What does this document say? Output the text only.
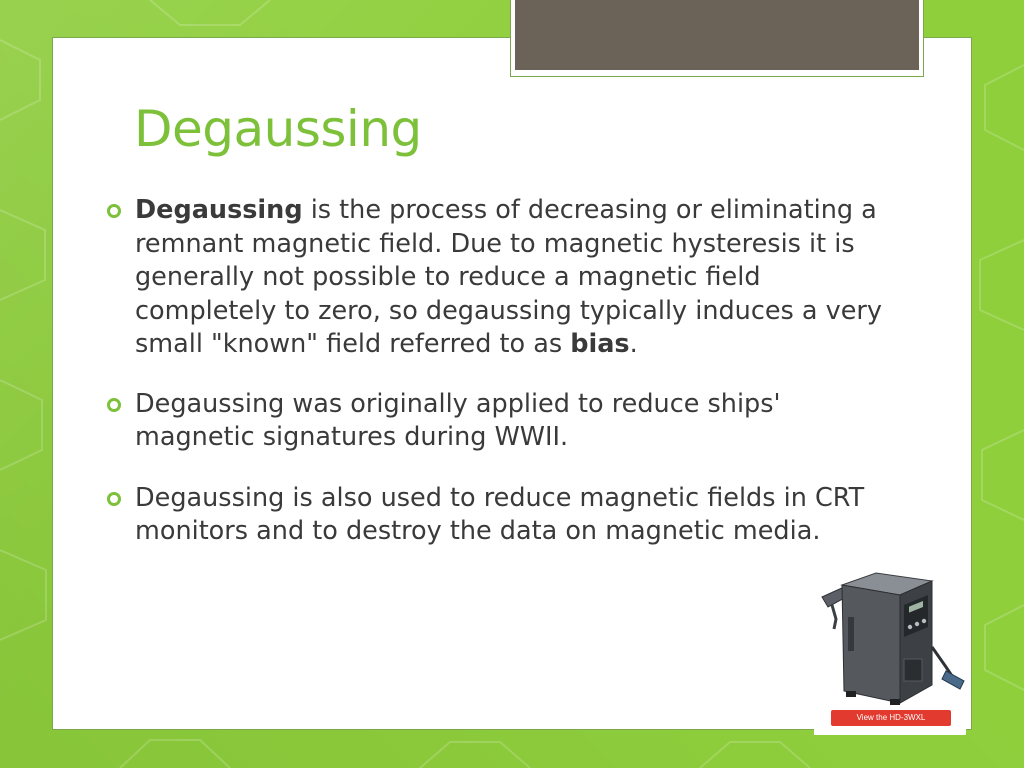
Degaussing
Degaussing is the process of decreasing or eliminating a remnant magnetic field. Due to magnetic hysteresis it is generally not possible to reduce a magnetic field completely to zero, so degaussing typically induces a very small "known" field referred to as bias.
Degaussing was originally applied to reduce ships' magnetic signatures during WWII.
Degaussing is also used to reduce magnetic fields in CRT monitors and to destroy the data on magnetic media.
View the HD-3WXL
